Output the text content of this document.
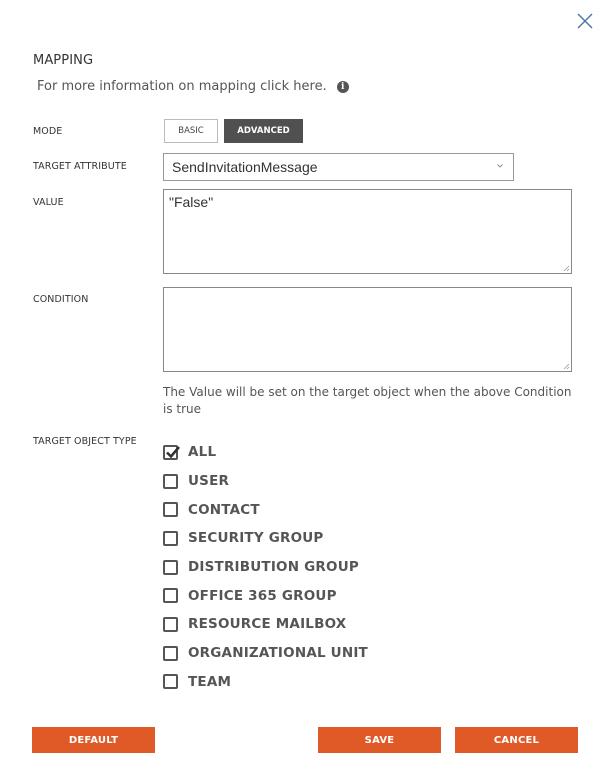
MAPPING
For more information on mapping click here.	i
MODE	BASIC	ADVANCED
TARGET ATTRIBUTE	SendInvitationMessage
VALUE	"False"
CONDITION
The Value will be set on the target object when the above Condition is true
TARGET OBJECT TYPE
ALL
USER
CONTACT
SECURITY GROUP
DISTRIBUTION GROUP
OFFICE 365 GROUP
RESOURCE MAILBOX
ORGANIZATIONAL UNIT
TEAM
DEFAULT	SAVE	CANCEL
